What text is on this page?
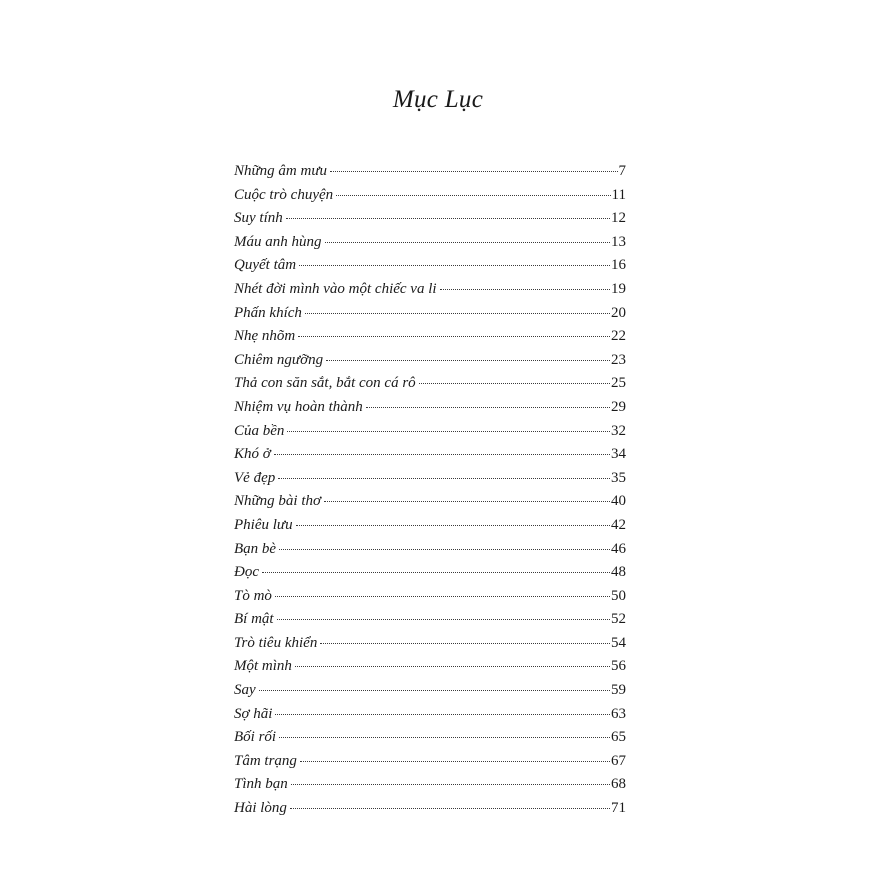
Mục Lục
Những âm mưu	7
Cuộc trò chuyện	11
Suy tính	12
Máu anh hùng	13
Quyết tâm	16
Nhét đời mình vào một chiếc va li	19
Phấn khích	20
Nhẹ nhõm	22
Chiêm ngưỡng	23
Thả con săn sắt, bắt con cá rô	25
Nhiệm vụ hoàn thành	29
Của bền	32
Khó ở	34
Vẻ đẹp	35
Những bài thơ	40
Phiêu lưu	42
Bạn bè	46
Đọc	48
Tò mò	50
Bí mật	52
Trò tiêu khiển	54
Một mình	56
Say	59
Sợ hãi	63
Bối rối	65
Tâm trạng	67
Tình bạn	68
Hài lòng	71
